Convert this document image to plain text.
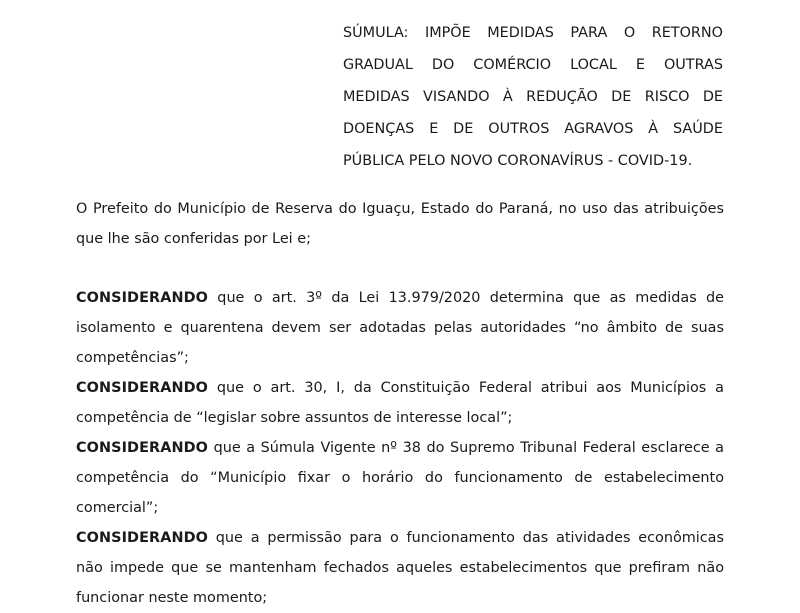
SÚMULA: IMPÕE MEDIDAS PARA O RETORNO
GRADUAL DO COMÉRCIO LOCAL E OUTRAS
MEDIDAS VISANDO À REDUÇÃO DE RISCO DE
DOENÇAS E DE OUTROS AGRAVOS À SAÚDE
PÚBLICA PELO NOVO CORONAVÍRUS - COVID-19.

O Prefeito do Município de Reserva do Iguaçu, Estado do Paraná, no uso das atribuições que lhe são conferidas por Lei e;

CONSIDERANDO que o art. 3º da Lei 13.979/2020 determina que as medidas de isolamento e quarentena devem ser adotadas pelas autoridades “no âmbito de suas competências”;

CONSIDERANDO que o art. 30, I, da Constituição Federal atribui aos Municípios a competência de “legislar sobre assuntos de interesse local”;

CONSIDERANDO que a Súmula Vigente nº 38 do Supremo Tribunal Federal esclarece a competência do “Município fixar o horário do funcionamento de estabelecimento comercial”;

CONSIDERANDO que a permissão para o funcionamento das atividades econômicas não impede que se mantenham fechados aqueles estabelecimentos que prefiram não funcionar neste momento;
